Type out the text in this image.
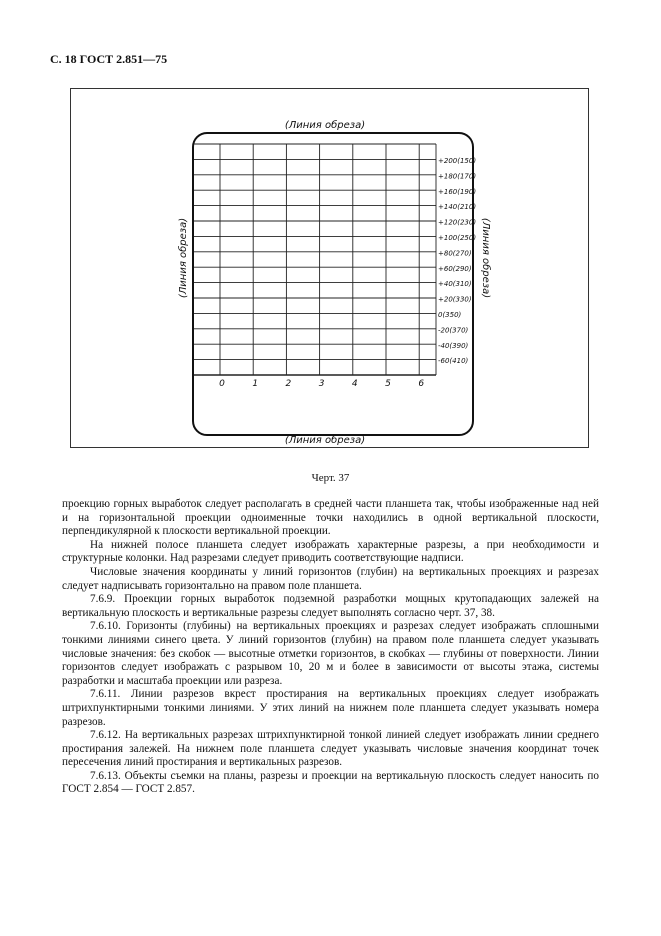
С. 18 ГОСТ 2.851—75
(Линия обреза)
(Линия обреза)
(Линия обреза)	(Линия обреза)
+200(150)
+180(170)
+160(190)
+140(210)
+120(230)
+100(250)
+80(270)
+60(290)
+40(310)
+20(330)
0(350)
-20(370)
-40(390)
-60(410)
0	1	2	3	4	5	6
Черт. 37

проекцию горных выработок следует располагать в средней части планшета так, чтобы изображенные над ней и на горизонтальной проекции одноименные точки находились в одной вертикальной плоскости, перпендикулярной к плоскости вертикальной проекции.

На нижней полосе планшета следует изображать характерные разрезы, а при необходимости и структурные колонки. Над разрезами следует приводить соответствующие надписи.

Числовые значения координаты у линий горизонтов (глубин) на вертикальных проекциях и разрезах следует надписывать горизонтально на правом поле планшета.

7.6.9. Проекции горных выработок подземной разработки мощных крутопадающих залежей на вертикальную плоскость и вертикальные разрезы следует выполнять согласно черт. 37, 38.

7.6.10. Горизонты (глубины) на вертикальных проекциях и разрезах следует изображать сплошными тонкими линиями синего цвета. У линий горизонтов (глубин) на правом поле планшета следует указывать числовые значения: без скобок — высотные отметки горизонтов, в скобках — глубины от поверхности. Линии горизонтов следует изображать с разрывом 10, 20 м и более в зависимости от высоты этажа, системы разработки и масштаба проекции или разреза.

7.6.11. Линии разрезов вкрест простирания на вертикальных проекциях следует изображать штрихпунктирными тонкими линиями. У этих линий на нижнем поле планшета следует указывать номера разрезов.

7.6.12. На вертикальных разрезах штрихпунктирной тонкой линией следует изображать линии среднего простирания залежей. На нижнем поле планшета следует указывать числовые значения координат точек пересечения линий простирания и вертикальных разрезов.

7.6.13. Объекты съемки на планы, разрезы и проекции на вертикальную плоскость следует наносить по ГОСТ 2.854 — ГОСТ 2.857.
